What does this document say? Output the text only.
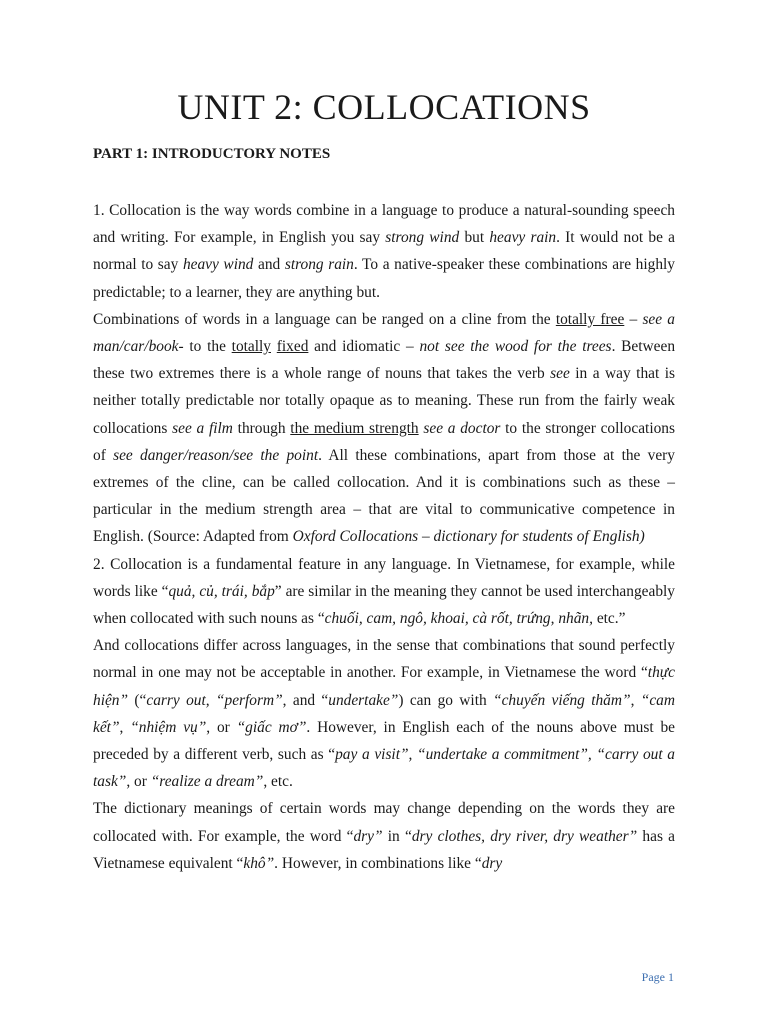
UNIT 2: COLLOCATIONS
PART 1: INTRODUCTORY NOTES

1. Collocation is the way words combine in a language to produce a natural-sounding speech and writing. For example, in English you say strong wind but heavy rain. It would not be a normal to say heavy wind and strong rain. To a native-speaker these combinations are highly predictable; to a learner, they are anything but.

Combinations of words in a language can be ranged on a cline from the totally free – see a man/car/book- to the totally fixed and idiomatic – not see the wood for the trees. Between these two extremes there is a whole range of nouns that takes the verb see in a way that is neither totally predictable nor totally opaque as to meaning. These run from the fairly weak collocations see a film through the medium strength see a doctor to the stronger collocations of see danger/reason/see the point. All these combinations, apart from those at the very extremes of the cline, can be called collocation. And it is combinations such as these – particular in the medium strength area – that are vital to communicative competence in English. (Source: Adapted from Oxford Collocations – dictionary for students of English)

2. Collocation is a fundamental feature in any language. In Vietnamese, for example, while words like “quả, củ, trái, bắp” are similar in the meaning they cannot be used interchangeably when collocated with such nouns as “chuối, cam, ngô, khoai, cà rốt, trứng, nhãn, etc.”

And collocations differ across languages, in the sense that combinations that sound perfectly normal in one may not be acceptable in another. For example, in Vietnamese the word “thực hiện” (“carry out, “perform”, and “undertake”) can go with “chuyến viếng thăm”, “cam kết”, “nhiệm vụ”, or “giấc mơ”. However, in English each of the nouns above must be preceded by a different verb, such as “pay a visit”, “undertake a commitment”, “carry out a task”, or “realize a dream”, etc.

The dictionary meanings of certain words may change depending on the words they are collocated with. For example, the word “dry” in “dry clothes, dry river, dry weather” has a Vietnamese equivalent “khô”. However, in combinations like “dry

Page 1
